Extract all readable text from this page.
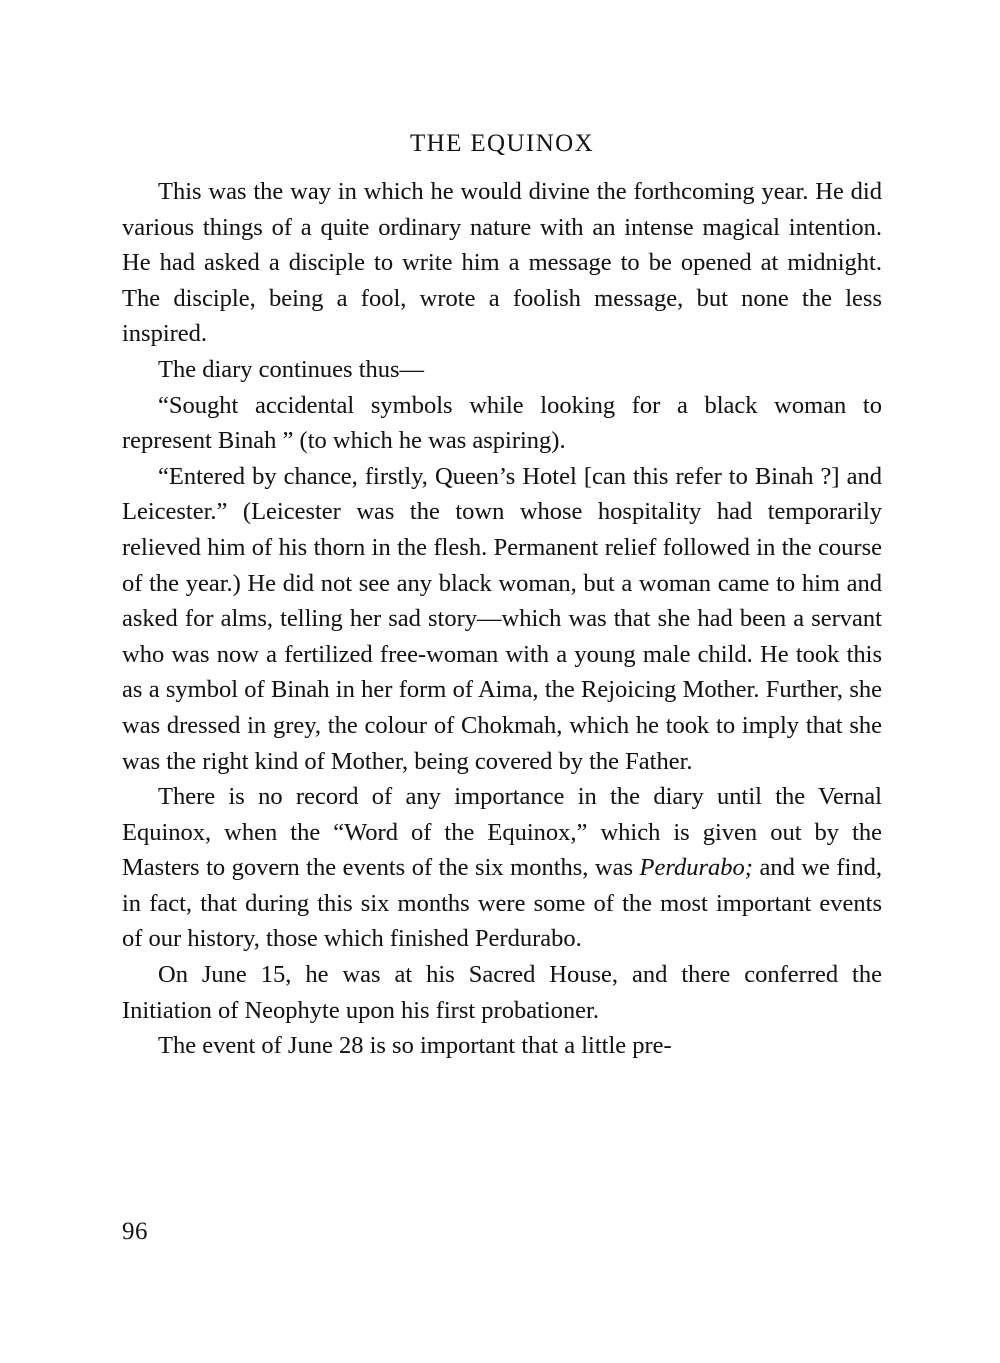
THE EQUINOX

This was the way in which he would divine the forthcoming year. He did various things of a quite ordinary nature with an intense magical intention. He had asked a disciple to write him a message to be opened at midnight. The disciple, being a fool, wrote a foolish message, but none the less inspired.

The diary continues thus—

“Sought accidental symbols while looking for a black woman to represent Binah ” (to which he was aspiring).

“Entered by chance, firstly, Queen’s Hotel [can this refer to Binah ?] and Leicester.” (Leicester was the town whose hospitality had temporarily relieved him of his thorn in the flesh. Permanent relief followed in the course of the year.) He did not see any black woman, but a woman came to him and asked for alms, telling her sad story—which was that she had been a servant who was now a fertilized free-woman with a young male child. He took this as a symbol of Binah in her form of Aima, the Rejoicing Mother. Further, she was dressed in grey, the colour of Chokmah, which he took to imply that she was the right kind of Mother, being covered by the Father.

There is no record of any importance in the diary until the Vernal Equinox, when the “Word of the Equinox,” which is given out by the Masters to govern the events of the six months, was Perdurabo; and we find, in fact, that during this six months were some of the most important events of our history, those which finished Perdurabo.

On June 15, he was at his Sacred House, and there conferred the Initiation of Neophyte upon his first probationer.

The event of June 28 is so important that a little pre-

96
